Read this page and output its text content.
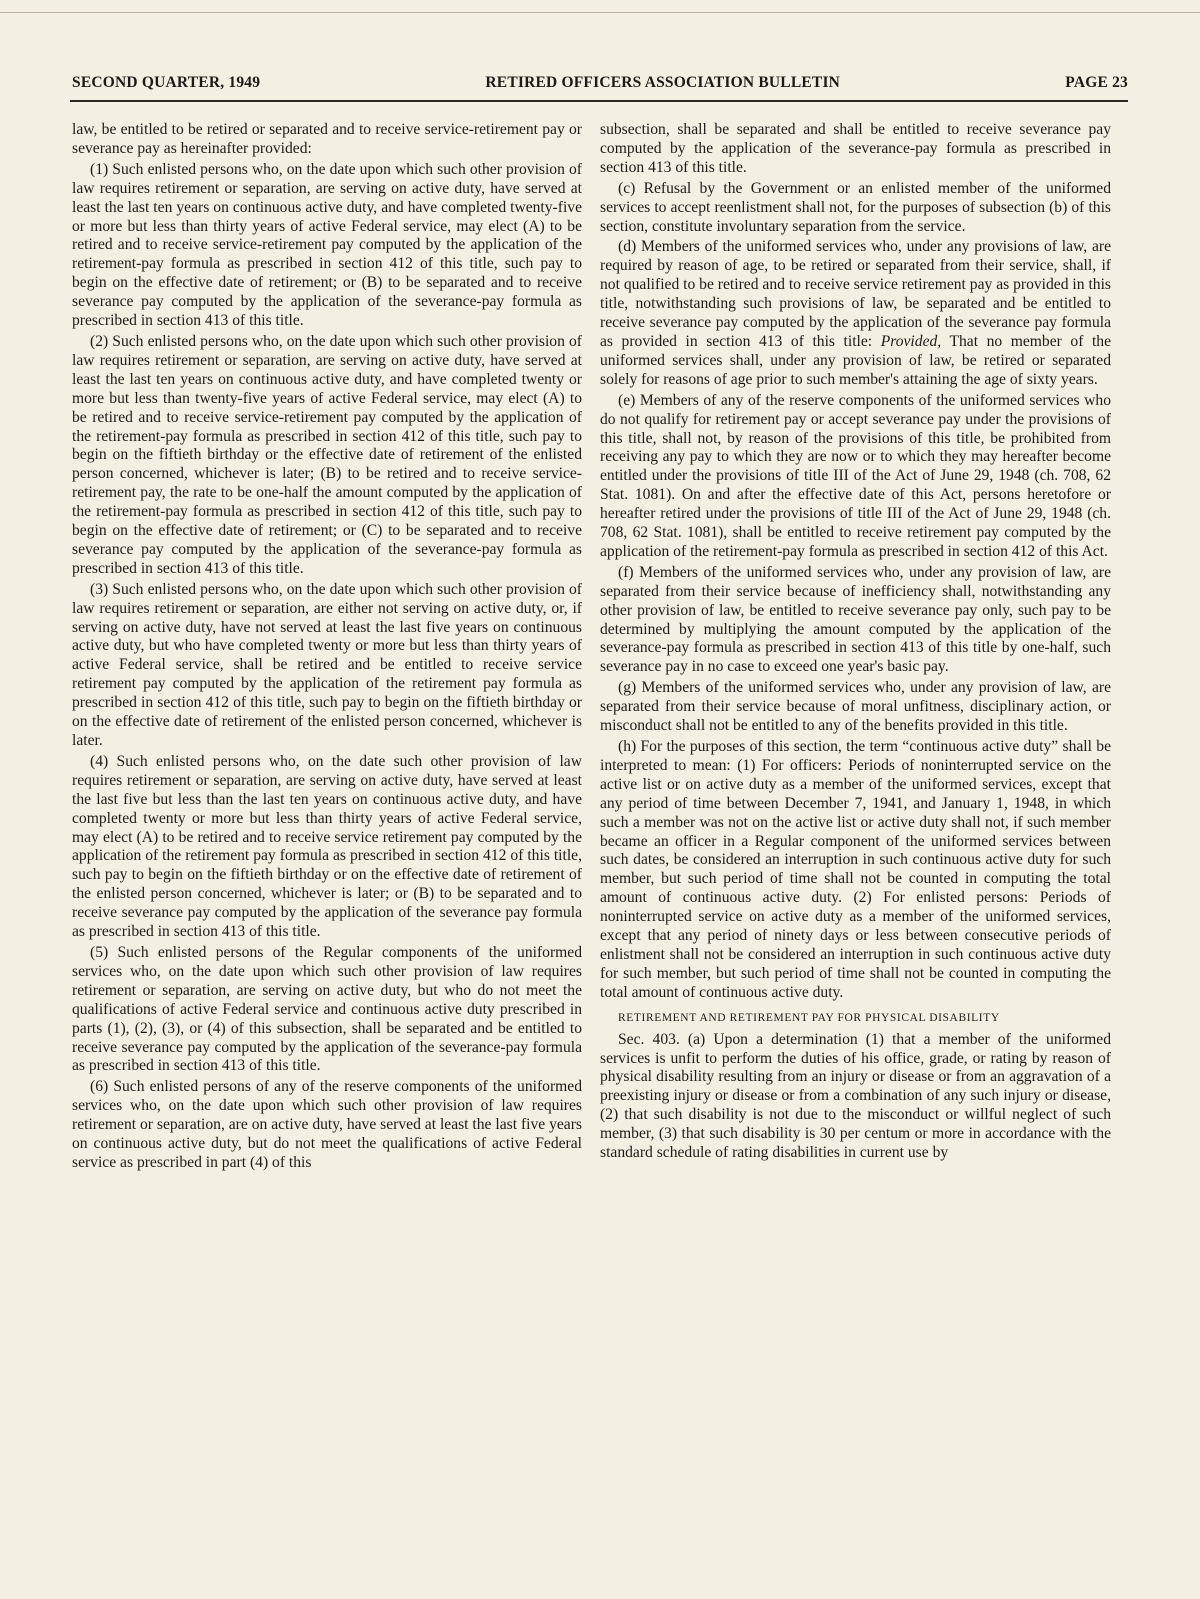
SECOND QUARTER, 1949	RETIRED OFFICERS ASSOCIATION BULLETIN	PAGE 23

law, be entitled to be retired or separated and to receive service-retirement pay or severance pay as hereinafter provided:

(1) Such enlisted persons who, on the date upon which such other provision of law requires retirement or separation, are serving on active duty, have served at least the last ten years on continuous active duty, and have completed twenty-five or more but less than thirty years of active Federal service, may elect (A) to be retired and to receive service-retirement pay computed by the application of the retirement-pay formula as prescribed in section 412 of this title, such pay to begin on the effective date of retirement; or (B) to be separated and to receive severance pay computed by the application of the severance-pay formula as prescribed in section 413 of this title.

(2) Such enlisted persons who, on the date upon which such other provision of law requires retirement or separation, are serving on active duty, have served at least the last ten years on continuous active duty, and have completed twenty or more but less than twenty-five years of active Federal service, may elect (A) to be retired and to receive service-retirement pay computed by the application of the retirement-pay formula as prescribed in section 412 of this title, such pay to begin on the fiftieth birthday or the effective date of retirement of the enlisted person concerned, whichever is later; (B) to be retired and to receive service-retirement pay, the rate to be one-half the amount computed by the application of the retirement-pay formula as prescribed in section 412 of this title, such pay to begin on the effective date of retirement; or (C) to be separated and to receive severance pay computed by the application of the severance-pay formula as prescribed in section 413 of this title.

(3) Such enlisted persons who, on the date upon which such other provision of law requires retirement or separation, are either not serving on active duty, or, if serving on active duty, have not served at least the last five years on continuous active duty, but who have completed twenty or more but less than thirty years of active Federal service, shall be retired and be entitled to receive service retirement pay computed by the application of the retirement pay formula as prescribed in section 412 of this title, such pay to begin on the fiftieth birthday or on the effective date of retirement of the enlisted person concerned, whichever is later.

(4) Such enlisted persons who, on the date such other provision of law requires retirement or separation, are serving on active duty, have served at least the last five but less than the last ten years on continuous active duty, and have completed twenty or more but less than thirty years of active Federal service, may elect (A) to be retired and to receive service retirement pay computed by the application of the retirement pay formula as prescribed in section 412 of this title, such pay to begin on the fiftieth birthday or on the effective date of retirement of the enlisted person concerned, whichever is later; or (B) to be separated and to receive severance pay computed by the application of the severance pay formula as prescribed in section 413 of this title.

(5) Such enlisted persons of the Regular components of the uniformed services who, on the date upon which such other provision of law requires retirement or separation, are serving on active duty, but who do not meet the qualifications of active Federal service and continuous active duty prescribed in parts (1), (2), (3), or (4) of this subsection, shall be separated and be entitled to receive severance pay computed by the application of the severance-pay formula as prescribed in section 413 of this title.

(6) Such enlisted persons of any of the reserve components of the uniformed services who, on the date upon which such other provision of law requires retirement or separation, are on active duty, have served at least the last five years on continuous active duty, but do not meet the qualifications of active Federal service as prescribed in part (4) of this

subsection, shall be separated and shall be entitled to receive severance pay computed by the application of the severance-pay formula as prescribed in section 413 of this title.

(c) Refusal by the Government or an enlisted member of the uniformed services to accept reenlistment shall not, for the purposes of subsection (b) of this section, constitute involuntary separation from the service.

(d) Members of the uniformed services who, under any provisions of law, are required by reason of age, to be retired or separated from their service, shall, if not qualified to be retired and to receive service retirement pay as provided in this title, notwithstanding such provisions of law, be separated and be entitled to receive severance pay computed by the application of the severance pay formula as provided in section 413 of this title: Provided, That no member of the uniformed services shall, under any provision of law, be retired or separated solely for reasons of age prior to such member's attaining the age of sixty years.

(e) Members of any of the reserve components of the uniformed services who do not qualify for retirement pay or accept severance pay under the provisions of this title, shall not, by reason of the provisions of this title, be prohibited from receiving any pay to which they are now or to which they may hereafter become entitled under the provisions of title III of the Act of June 29, 1948 (ch. 708, 62 Stat. 1081). On and after the effective date of this Act, persons heretofore or hereafter retired under the provisions of title III of the Act of June 29, 1948 (ch. 708, 62 Stat. 1081), shall be entitled to receive retirement pay computed by the application of the retirement-pay formula as prescribed in section 412 of this Act.

(f) Members of the uniformed services who, under any provision of law, are separated from their service because of inefficiency shall, notwithstanding any other provision of law, be entitled to receive severance pay only, such pay to be determined by multiplying the amount computed by the application of the severance-pay formula as prescribed in section 413 of this title by one-half, such severance pay in no case to exceed one year's basic pay.

(g) Members of the uniformed services who, under any provision of law, are separated from their service because of moral unfitness, disciplinary action, or misconduct shall not be entitled to any of the benefits provided in this title.

(h) For the purposes of this section, the term “continuous active duty” shall be interpreted to mean: (1) For officers: Periods of noninterrupted service on the active list or on active duty as a member of the uniformed services, except that any period of time between December 7, 1941, and January 1, 1948, in which such a member was not on the active list or active duty shall not, if such member became an officer in a Regular component of the uniformed services between such dates, be considered an interruption in such continuous active duty for such member, but such period of time shall not be counted in computing the total amount of continuous active duty. (2) For enlisted persons: Periods of noninterrupted service on active duty as a member of the uniformed services, except that any period of ninety days or less between consecutive periods of enlistment shall not be considered an interruption in such continuous active duty for such member, but such period of time shall not be counted in computing the total amount of continuous active duty.

RETIREMENT AND RETIREMENT PAY FOR PHYSICAL DISABILITY

Sec. 403. (a) Upon a determination (1) that a member of the uniformed services is unfit to perform the duties of his office, grade, or rating by reason of physical disability resulting from an injury or disease or from an aggravation of a preexisting injury or disease or from a combination of any such injury or disease, (2) that such disability is not due to the misconduct or willful neglect of such member, (3) that such disability is 30 per centum or more in accordance with the standard schedule of rating disabilities in current use by
